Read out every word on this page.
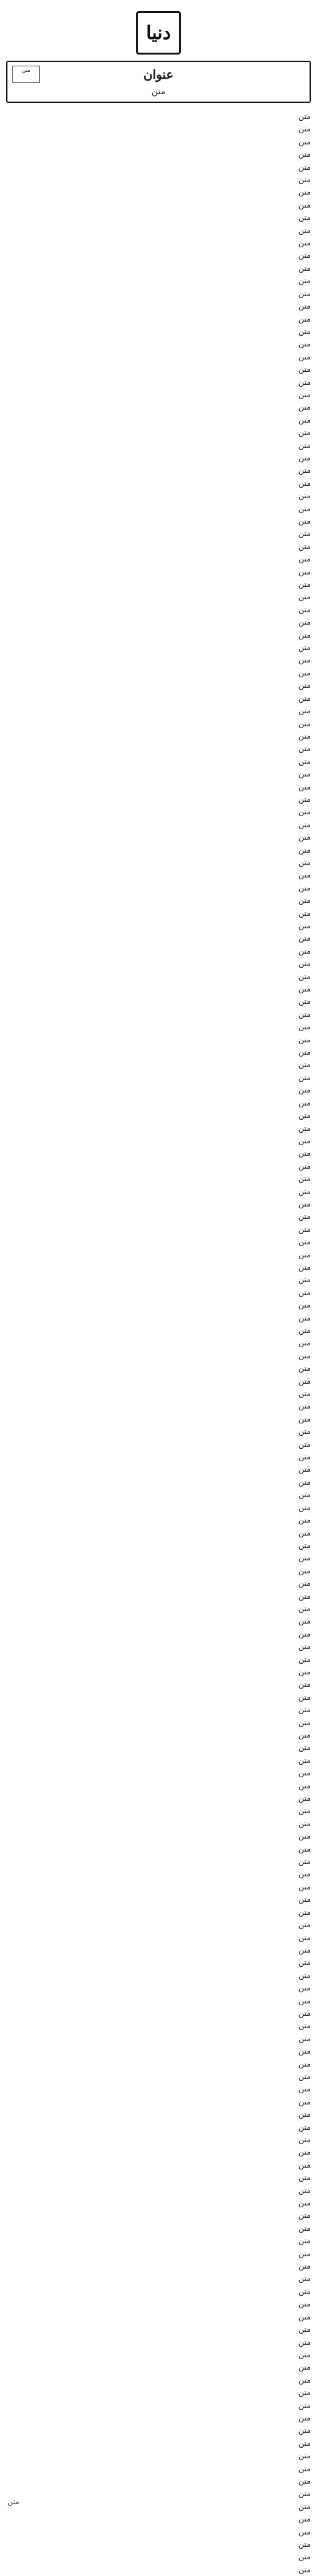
دنیا
متن	عنوان

متن

متن
متن
متن
متن
متن
متن
متن
متن
متن
متن
متن
متن
متن
متن
متن
متن
متن
متن
متن
متن
متن
متن
متن
متن
متن
متن
متن
متن
متن
متن
متن
متن
متن
متن
متن
متن
متن
متن
متن
متن
متن
متن
متن
متن
متن
متن
متن
متن
متن
متن
متن
متن
متن
متن
متن
متن
متن
متن
متن
متن
متن
متن
متن
متن
متن
متن
متن
متن
متن
متن
متن
متن
متن
متن
متن
متن
متن
متن
متن
متن
متن
متن
متن
متن
متن
متن
متن
متن
متن
متن
متن
متن
متن
متن
متن
متن
متن
متن
متن
متن
متن
متن
متن
متن
متن
متن
متن
متن
متن
متن
متن
متن
متن
متن
متن
متن
متن
متن
متن
متن
متن
متن
متن
متن
متن
متن
متن
متن
متن
متن
متن
متن
متن
متن
متن
متن
متن
متن
متن
متن
متن
متن
متن
متن
متن
متن
متن
متن
متن
متن
متن
متن
متن
متن
متن
متن
متن
متن
متن
متن
متن
متن
متن
متن
متن
متن
متن
متن
متن
متن
متن
متن
متن
متن
متن
متن
متن
متن
متن
متن
متن
متن
متن
متن
متن
متن
متن
متن
متن
متن
متن
متن
متن
متن
متن
متن
